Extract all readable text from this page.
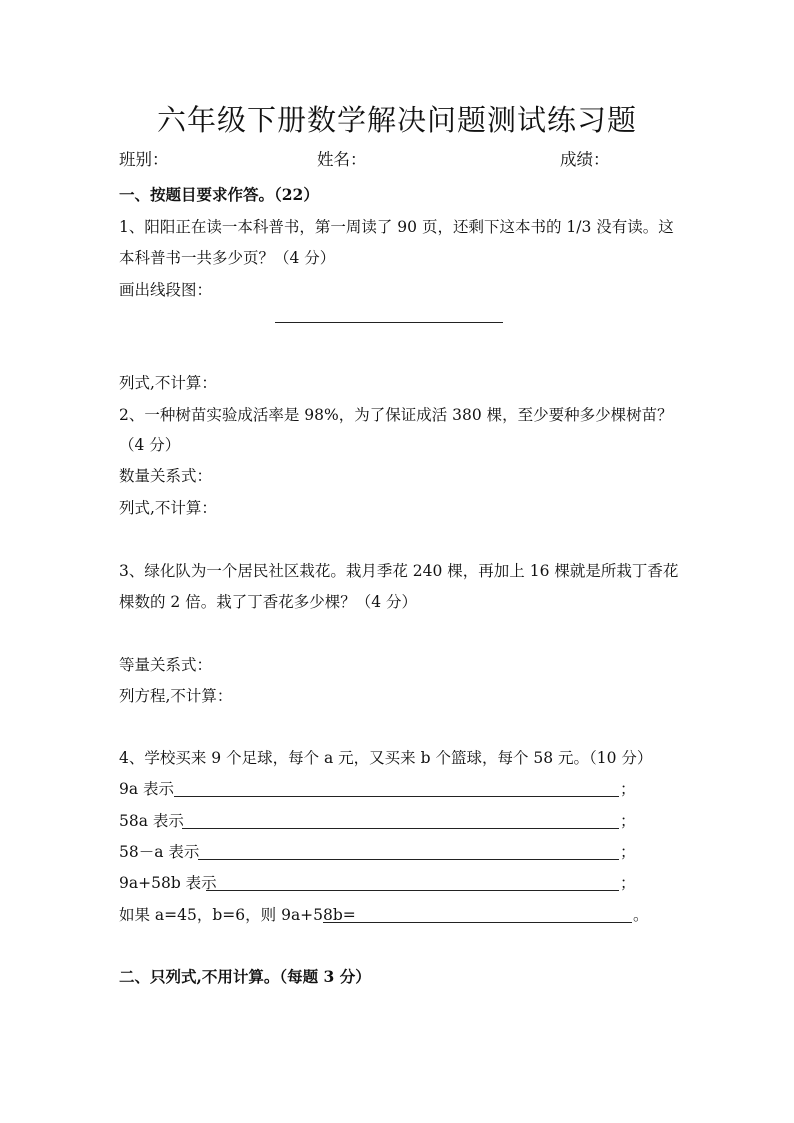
六年级下册数学解决问题测试练习题
班别：	姓名：	成绩：
一、按题目要求作答。（22）
1、阳阳正在读一本科普书，第一周读了 90 页，还剩下这本书的 1/3 没有读。这
本科普书一共多少页？（4 分）
画出线段图：
列式,不计算：
2、一种树苗实验成活率是 98%，为了保证成活 380 棵，至少要种多少棵树苗？
（4 分）
数量关系式：
列式,不计算：
3、绿化队为一个居民社区栽花。栽月季花 240 棵，再加上 16 棵就是所栽丁香花
棵数的 2 倍。栽了丁香花多少棵？（4 分）
等量关系式：
列方程,不计算：
4、学校买来 9 个足球，每个 a 元，又买来 b 个篮球，每个 58 元。（10 分）
9a 表示	；
58a 表示	；
58－a 表示	；
9a+58b 表示	；
如果 a=45，b=6，则 9a+58b=	。
二、只列式,不用计算。（每题 3 分）
